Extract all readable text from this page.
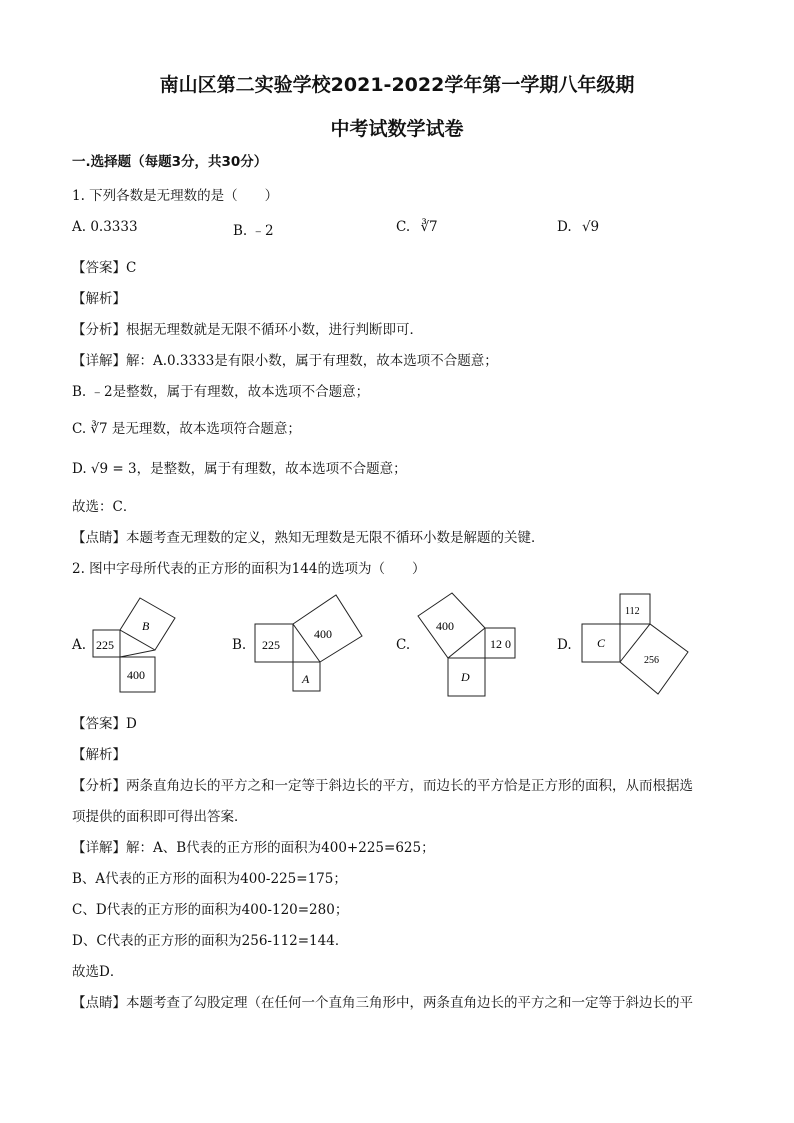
南山区第二实验学校2021-2022学年第一学期八年级期
中考试数学试卷
一.选择题（每题3分，共30分）
1. 下列各数是无理数的是（　　）
A. 0.3333	B. ﹣2	C. ∛7	D. √9
【答案】C
【解析】
【分析】根据无理数就是无限不循环小数，进行判断即可．
【详解】解：A.0.3333是有限小数，属于有理数，故本选项不合题意；
B. ﹣2是整数，属于有理数，故本选项不合题意；
C. ∛7 是无理数，故本选项符合题意；
D. √9 = 3，是整数，属于有理数，故本选项不合题意；
故选：C．
【点睛】本题考查无理数的定义，熟知无理数是无限不循环小数是解题的关键．
2. 图中字母所代表的正方形的面积为144的选项为（　　）
A. 225
B
400
B. 225
400
A
C.
400
12 0
D
D.
112
C
256
【答案】D
【解析】
【分析】两条直角边长的平方之和一定等于斜边长的平方，而边长的平方恰是正方形的面积，从而根据选
项提供的面积即可得出答案．
【详解】解：A、B代表的正方形的面积为400+225=625；
B、A代表的正方形的面积为400-225=175；
C、D代表的正方形的面积为400-120=280；
D、C代表的正方形的面积为256-112=144．
故选D．
【点睛】本题考查了勾股定理（在任何一个直角三角形中，两条直角边长的平方之和一定等于斜边长的平
